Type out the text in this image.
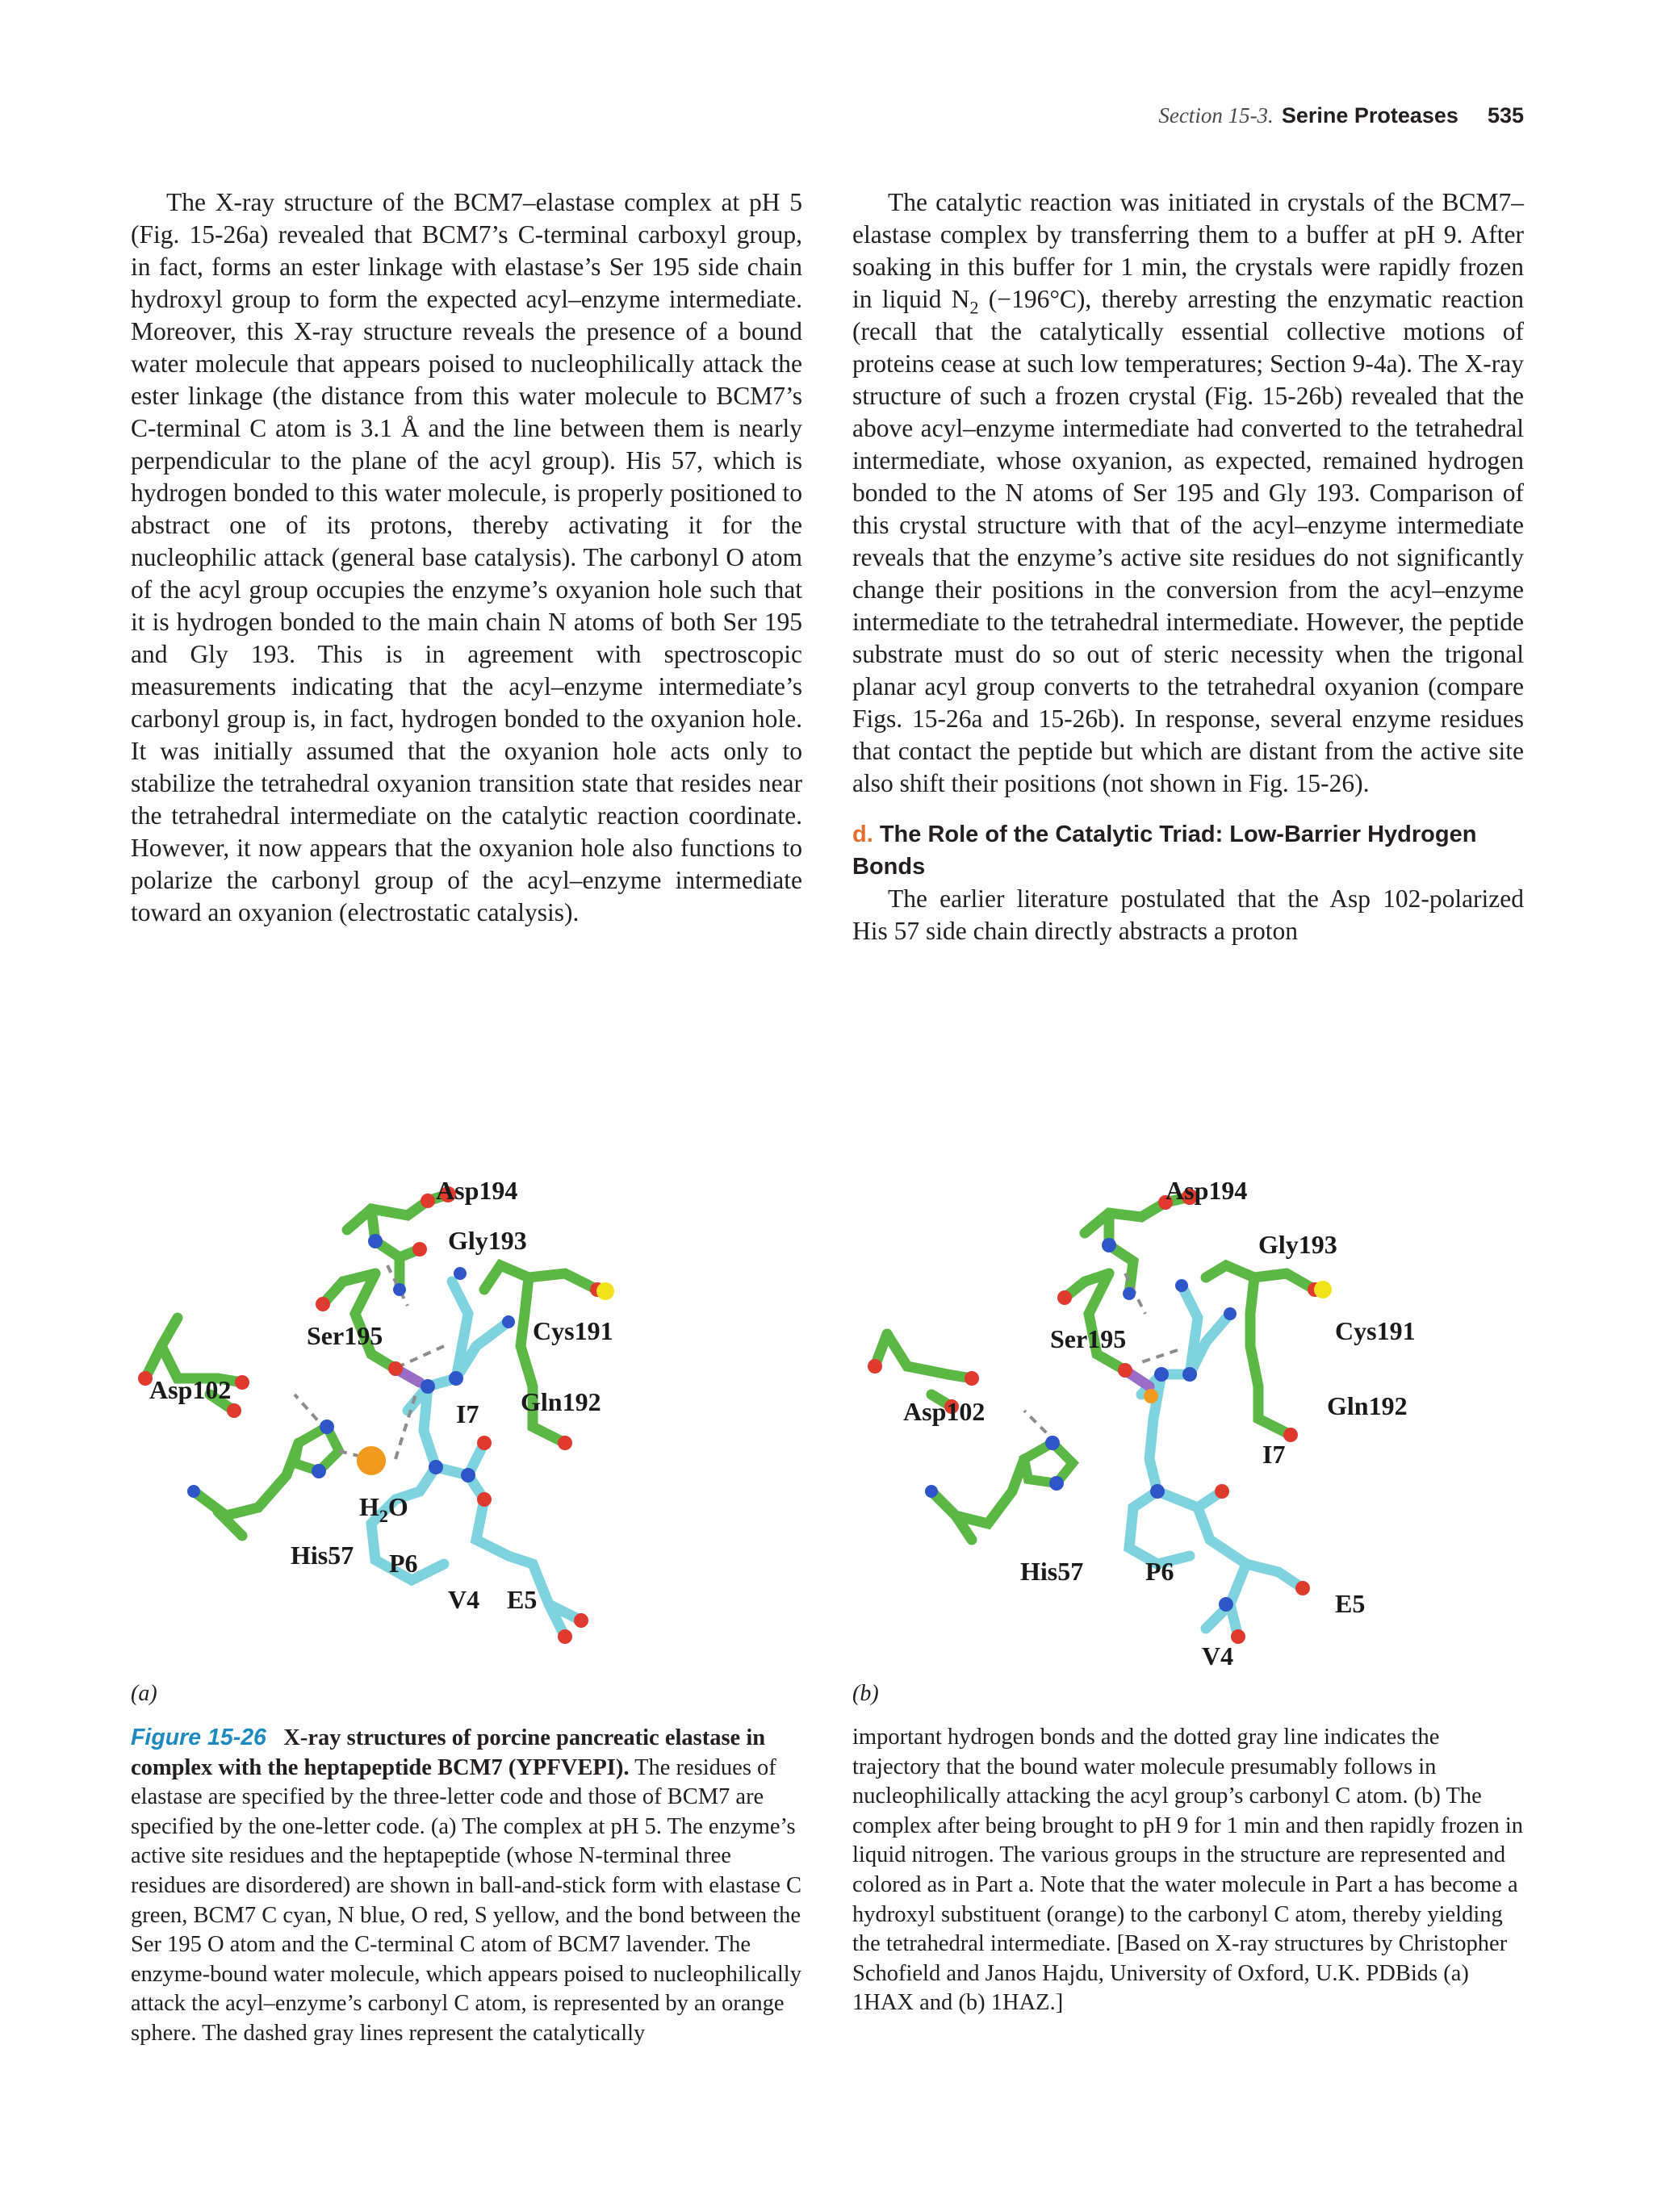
Section 15-3. Serine Proteases 535

The X-ray structure of the BCM7–elastase complex at pH 5 (Fig. 15-26a) revealed that BCM7’s C-terminal carboxyl group, in fact, forms an ester linkage with elastase’s Ser 195 side chain hydroxyl group to form the expected acyl–enzyme intermediate. Moreover, this X-ray structure reveals the presence of a bound water molecule that appears poised to nucleophilically attack the ester linkage (the distance from this water molecule to BCM7’s C-terminal C atom is 3.1 Å and the line between them is nearly perpendicular to the plane of the acyl group). His 57, which is hydrogen bonded to this water molecule, is properly positioned to abstract one of its protons, thereby activating it for the nucleophilic attack (general base catalysis). The carbonyl O atom of the acyl group occupies the enzyme’s oxyanion hole such that it is hydrogen bonded to the main chain N atoms of both Ser 195 and Gly 193. This is in agreement with spectroscopic measurements indicating that the acyl–enzyme intermediate’s carbonyl group is, in fact, hydrogen bonded to the oxyanion hole. It was initially assumed that the oxyanion hole acts only to stabilize the tetrahedral oxyanion transition state that resides near the tetrahedral intermediate on the catalytic reaction coordinate. However, it now appears that the oxyanion hole also functions to polarize the carbonyl group of the acyl–enzyme intermediate toward an oxyanion (electrostatic catalysis).

The catalytic reaction was initiated in crystals of the BCM7–elastase complex by transferring them to a buffer at pH 9. After soaking in this buffer for 1 min, the crystals were rapidly frozen in liquid $N_2$ (−196°C), thereby arresting the enzymatic reaction (recall that the catalytically essential collective motions of proteins cease at such low temperatures; Section 9-4a). The X-ray structure of such a frozen crystal (Fig. 15-26b) revealed that the above acyl–enzyme intermediate had converted to the tetrahedral intermediate, whose oxyanion, as expected, remained hydrogen bonded to the N atoms of Ser 195 and Gly 193. Comparison of this crystal structure with that of the acyl–enzyme intermediate reveals that the enzyme’s active site residues do not significantly change their positions in the conversion from the acyl–enzyme intermediate to the tetrahedral intermediate. However, the peptide substrate must do so out of steric necessity when the trigonal planar acyl group converts to the tetrahedral oxyanion (compare Figs. 15-26a and 15-26b). In response, several enzyme residues that contact the peptide but which are distant from the active site also shift their positions (not shown in Fig. 15-26).

d. The Role of the Catalytic Triad: Low-Barrier Hydrogen Bonds

The earlier literature postulated that the Asp 102-polarized His 57 side chain directly abstracts a proton

Asp194
Gly193
Ser195	Cys191
Asp102	Gln192
I7
$H_2O$
His57 P6
V4 E5
Asp194
Gly193
Ser195	Cys191
Asp102	Gln192
I7
His57 P6
E5
V4
(a)	(b)
Figure 15-26 X-ray structures of porcine pancreatic elastase in complex with the heptapeptide BCM7 (YPFVEPI). The residues of elastase are specified by the three-letter code and those of BCM7 are specified by the one-letter code. (a) The complex at pH 5. The enzyme’s active site residues and the heptapeptide (whose N-terminal three residues are disordered) are shown in ball-and-stick form with elastase C green, BCM7 C cyan, N blue, O red, S yellow, and the bond between the Ser 195 O atom and the C-terminal C atom of BCM7 lavender. The enzyme-bound water molecule, which appears poised to nucleophilically attack the acyl–enzyme’s carbonyl C atom, is represented by an orange sphere. The dashed gray lines represent the catalytically
important hydrogen bonds and the dotted gray line indicates the trajectory that the bound water molecule presumably follows in nucleophilically attacking the acyl group’s carbonyl C atom. (b) The complex after being brought to pH 9 for 1 min and then rapidly frozen in liquid nitrogen. The various groups in the structure are represented and colored as in Part a. Note that the water molecule in Part a has become a hydroxyl substituent (orange) to the carbonyl C atom, thereby yielding the tetrahedral intermediate. [Based on X-ray structures by Christopher Schofield and Janos Hajdu, University of Oxford, U.K. PDBids (a) 1HAX and (b) 1HAZ.]
